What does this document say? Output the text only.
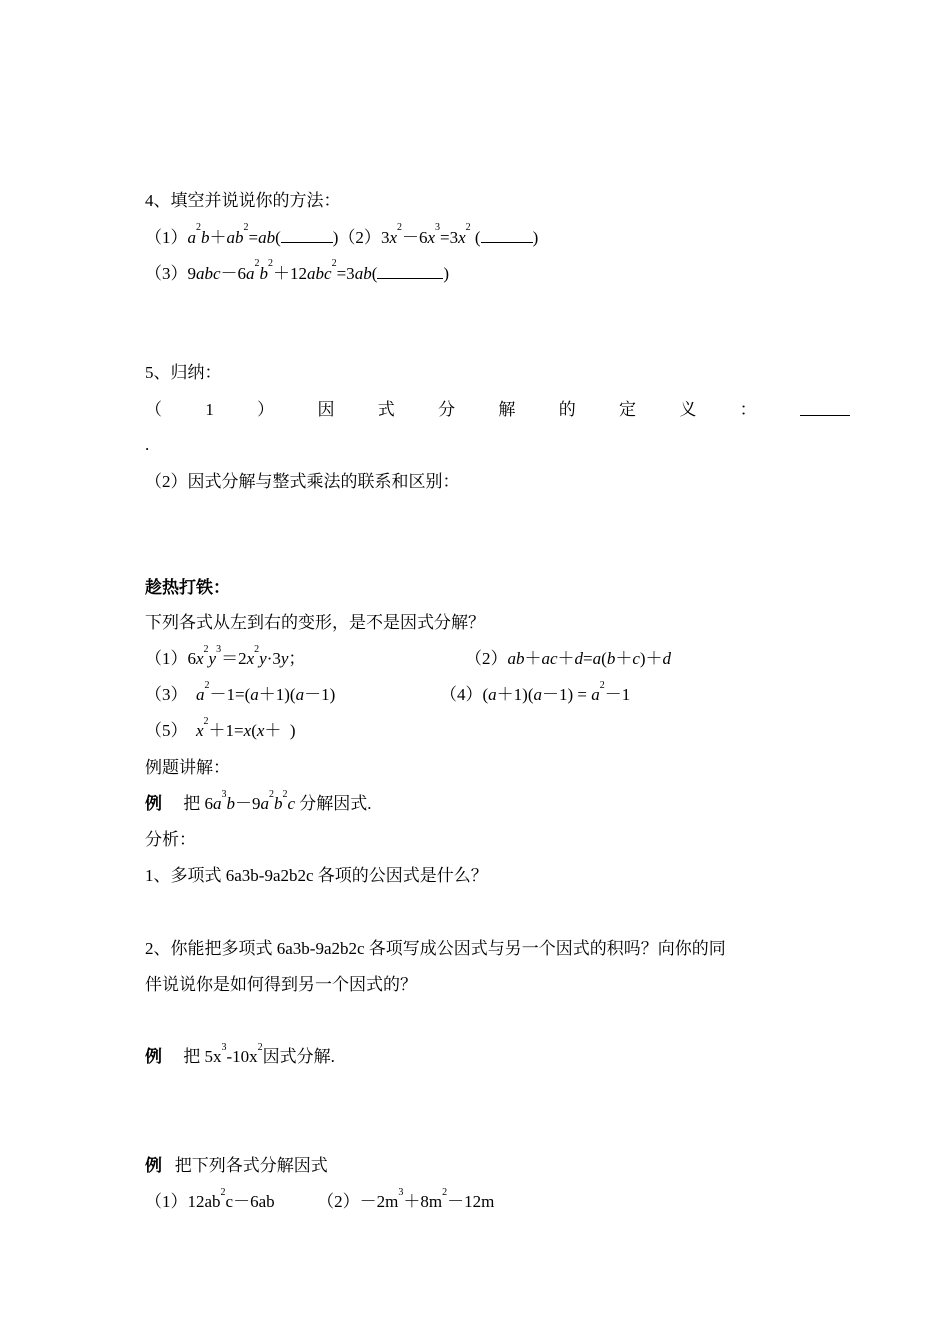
4、填空并说说你的方法：
$(1)a^2b+ab^2=ab$(	)$(2)3x^2-6x^3=3x^2$ (	)
$(3)9abc-6a^2b^2+12abc^2=3ab$(	)
5、归纳：
（	1	）	因	式	分	解	的	定	义	：
.
（2）因式分解与整式乘法的联系和区别：
趁热打铁：
下列各式从左到右的变形，是不是因式分解？
$(1)6x^2y^3=2x^2y\cdot 3y$；	（2）ab＋ac＋d=a(b＋c)＋d
（3） $a^2-1=(a+1)(a-1)$	$(4)(a+1)(a-1) = a^2-1$
（5） $x^2+1=x(x+$  )
例题讲解：
例 把 $6a^3b-9a^2b^2c$ 分解因式.
分析：
1、多项式 6a3b-9a2b2c 各项的公因式是什么？
2、你能把多项式 6a3b-9a2b2c 各项写成公因式与另一个因式的积吗？向你的同
伴说说你是如何得到另一个因式的？
例 把 $5x^3-10x^2$因式分解.
例 把下列各式分解因式
$(1)12ab^2c-6ab$	$(2)-2m^3+8m^2-12m$
